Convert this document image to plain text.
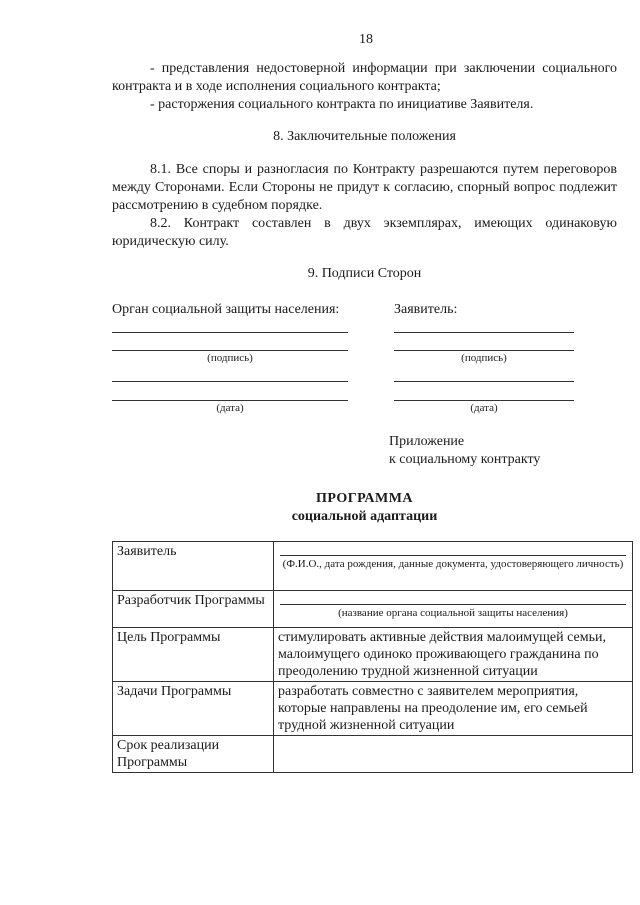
18
- представления недостоверной информации при заключении социального контракта и в ходе исполнения социального контракта;
- расторжения социального контракта по инициативе Заявителя.
8. Заключительные положения
8.1. Все споры и разногласия по Контракту разрешаются путем переговоров между Сторонами. Если Стороны не придут к согласию, спорный вопрос подлежит рассмотрению в судебном порядке.
8.2. Контракт составлен в двух экземплярах, имеющих одинаковую юридическую силу.
9. Подписи Сторон
Орган социальной защиты населения:	Заявитель:
(подпись)
(дата)
(подпись)
(дата)
Приложение
к социальному контракту
ПРОГРАММА
социальной адаптации
Заявитель	(Ф.И.О., дата рождения, данные документа, удостоверяющего личность)

Разработчик Программы	(название органа социальной защиты населения)

Цель Программы	стимулировать активные действия малоимущей семьи, малоимущего одиноко проживающего гражданина по преодолению трудной жизненной ситуации
Задачи Программы	разработать совместно с заявителем мероприятия, которые направлены на преодоление им, его семьей трудной жизненной ситуации
Срок реализации Программы	
